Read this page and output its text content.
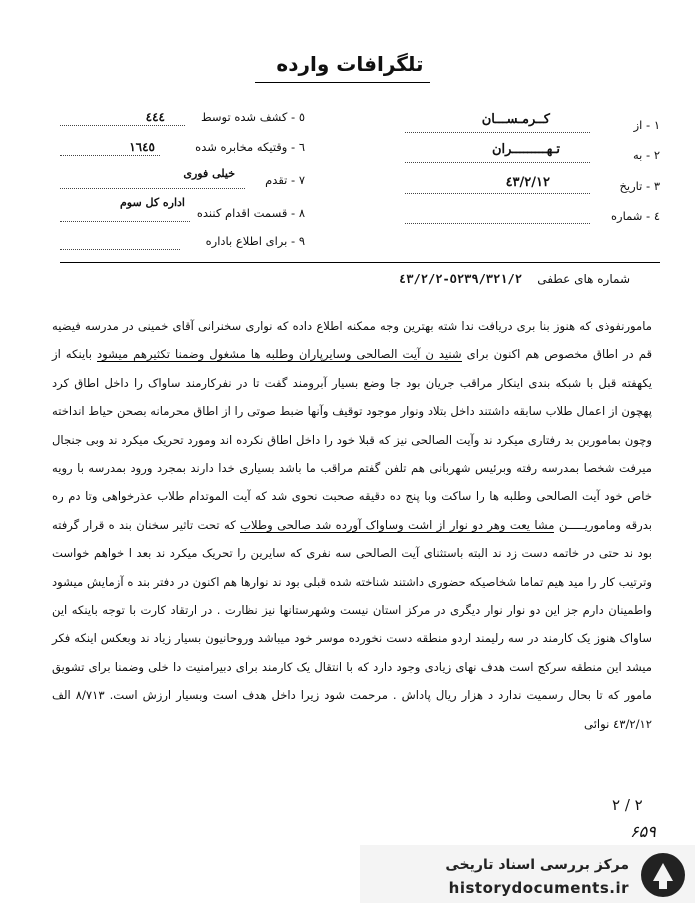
تلگرافات وارده
١ - از
کــرمـســـان
٢ - به
تـهـــــــــران
٣ - تاریخ
٤٣/٢/١٢
٤ - شماره
٥ - کشف شده توسط
٤٤٤
٦ - وقتیکه مخابره شده
١٦٤٥
٧ - تقدم
خیلی فوری
٨ - قسمت اقدام کننده
اداره کل سوم
٩ - برای اطلاع باداره
شماره های عطفی    ٥٢٣٩/٣٢١/٢-٤٣/٢/٢

مامورنفوذی که هنوز بنا بری دریافت ندا شته بهترین وجه ممکنه اطلاع داده که نواری سخنرانی آقای خمینی در مدرسه فیضیه قم در اطاق مخصوص هم اکنون برای شنید ن آیت الصالحی وسایرپاران وطلبه ها مشغول وضمنا تکثیرهم میشود باینکه از یکهفته قبل با شبکه بندی اینکار مراقب جریان بود جا وضع بسیار آبرومند گفت تا در نفرکارمند ساواک را داخل اطاق کرد پهچون از اعمال طلاب سابقه داشتند داخل بتلاد ونوار موجود توقیف وآنها ضبط صوتی را از اطاق محرمانه بصحن حیاط انداخته وچون بماموربن بد رفتاری میکرد ند وآیت الصالحی نیز که قبلا خود را داخل اطاق نکرده اند ومورد تحریک میکرد ند وبی جنجال میرفت شخصا بمدرسه رفته وبرئیس شهربانی هم تلفن گفتم مراقب ما باشد بسیاری خدا دارند بمجرد ورود بمدرسه با رویه خاص خود آیت الصالحی وطلبه ها را ساکت وبا پنج ده دقیقه صحبت نحوی شد که آیت الموتدام طلاب عذرخواهی وتا دم ره بدرقه وماموریـــــن مشا یعت وهر دو نوار از اشت وساواک آورده شد صالحی وطلاب که تحت تاثیر سخنان بند ه قرار گرفته بود ند حتی در خاتمه دست زد ند البته باستثنای آیت الصالحی سه نفری که سایرین را تحریک میکرد ند بعد ا خواهم خواست وترتیب کار را مید هیم تماما شخاصیکه حضوری داشتند شناخته شده قبلی بود ند نوارها هم اکنون در دفتر بند ه آزمایش میشود واطمینان دارم جز این دو نوار نوار دیگری در مرکز استان نیست وشهرستانها نیز نظارت . در ارتقاد کارت با توجه باینکه این ساواک هنوز یک کارمند در سه رلیمند اردو منطقه دست نخورده موسر خود میباشد وروحانیون بسیار زیاد ند وبعکس اینکه فکر میشد این منطقه سرکج است هدف نهای زیادی وجود دارد که با انتقال یک کارمند برای دبیرامنیت دا خلی وضمنا برای تشویق مامور که تا بحال رسمیت ندارد د هزار ریال پاداش . مرحمت شود زیرا داخل هدف است وبسیار ارزش است. ٨/٧١٣ الف ٤٣/٢/١٢ نوائی

۲ / ۲
۶۵۹
مرکز بررسی اسناد تاریخی
historydocuments.ir
